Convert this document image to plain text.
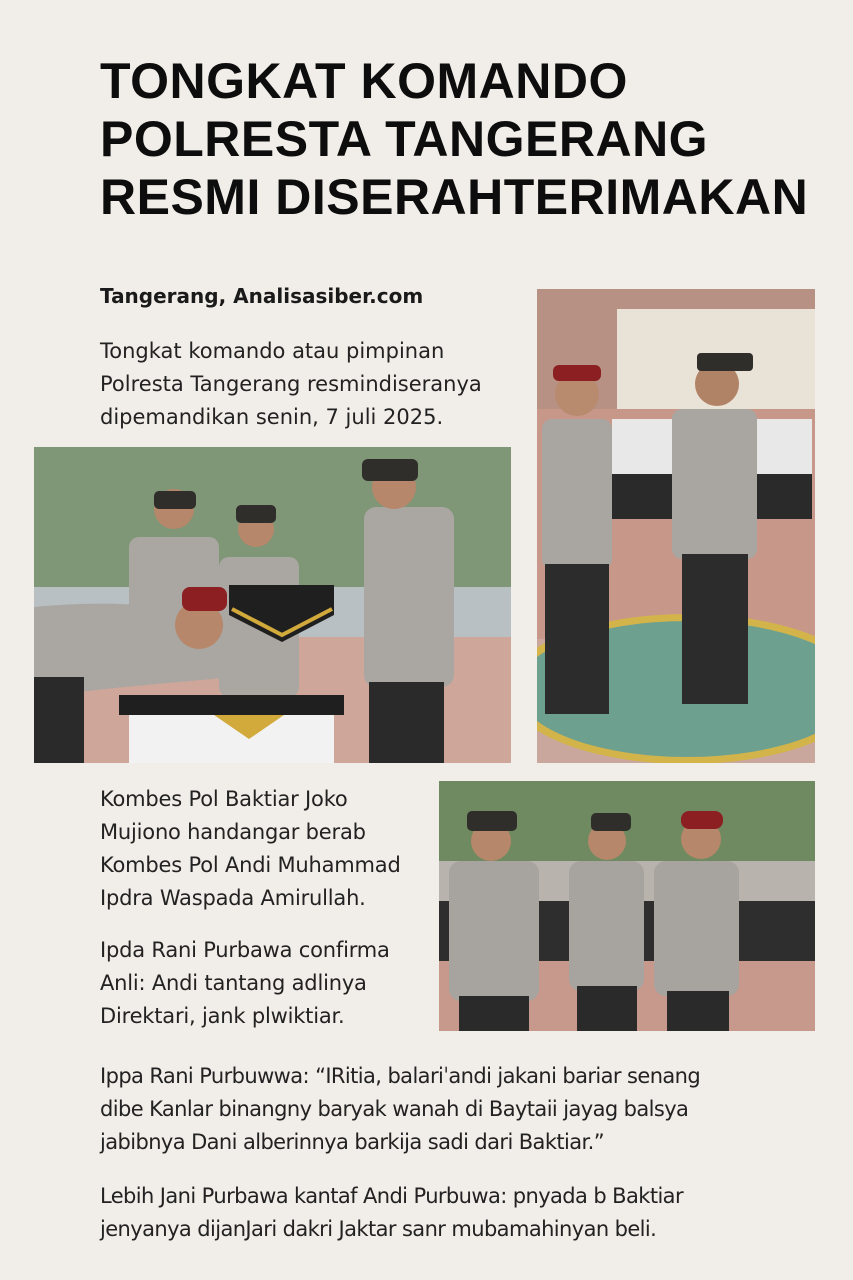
TONGKAT KOMANDO
POLRESTA TANGERANG
RESMI DISERAHTERIMAKAN
Tangerang, Analisasiber.com
Tongkat komando atau pimpinan
Polresta Tangerang resmindiseranya
dipemandikan senin, 7 juli 2025.
Kombes Pol Baktiar Joko
Mujiono handangar berab
Kombes Pol Andi Muhammad
Ipdra Waspada Amirullah.
Ipda Rani Purbawa confirma
Anli: Andi tantang adlinya
Direktari, jank plwiktiar.
Ippa Rani Purbuwwa: “IRitia, balariˈandi jakani bariar senang
dibe Kanlar binangny baryak wanah di Baytaii jayag balsya
jabibnya Dani alberinnya barkija sadi dari Baktiar.”
Lebih Jani Purbawa kantaf Andi Purbuwa: pnyada b Baktiar
jenyanya dijanJari dakri Jaktar sanr mubamahinyan beli.
